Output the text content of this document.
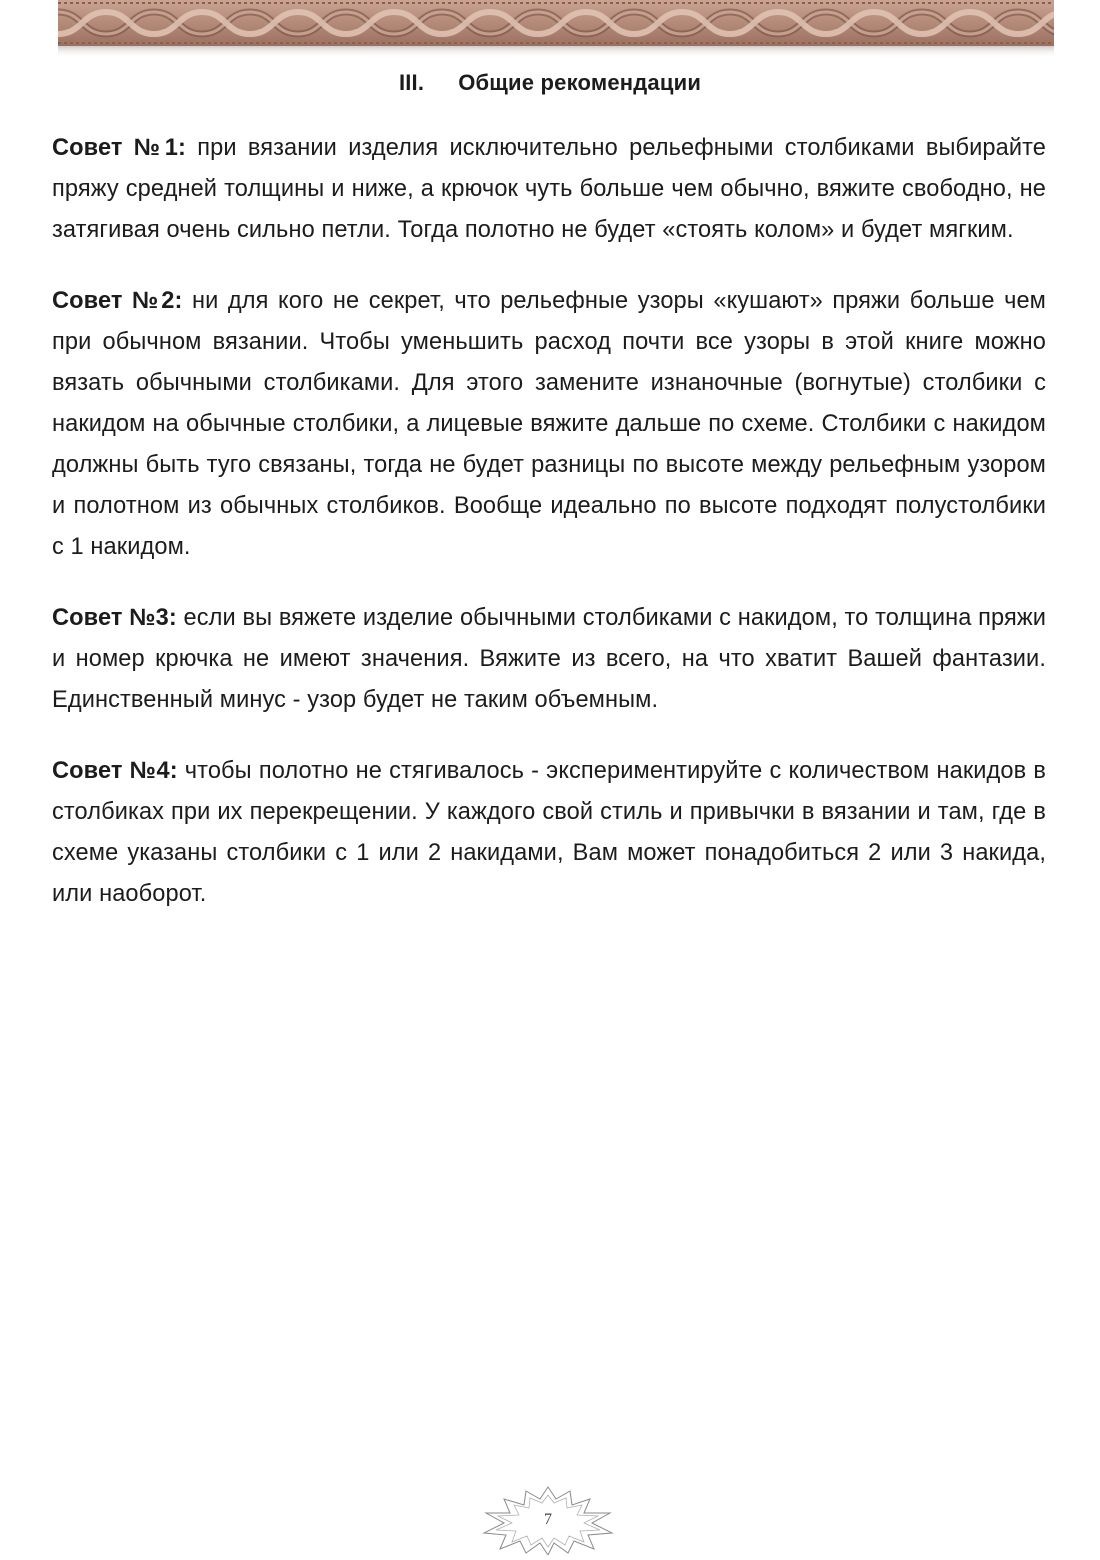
III. Общие рекомендации

Совет №1: при вязании изделия исключительно рельефными столбиками выбирайте пряжу средней толщины и ниже, а крючок чуть больше чем обычно, вяжите свободно, не затягивая очень сильно петли. Тогда полотно не будет «стоять колом» и будет мягким.

Совет №2: ни для кого не секрет, что рельефные узоры «кушают» пряжи больше чем при обычном вязании. Чтобы уменьшить расход почти все узоры в этой книге можно вязать обычными столбиками. Для этого замените изнаночные (вогнутые) столбики с накидом на обычные столбики, а лицевые вяжите дальше по схеме. Столбики с накидом должны быть туго связаны, тогда не будет разницы по высоте между рельефным узором и полотном из обычных столбиков. Вообще идеально по высоте подходят полустолбики с 1 накидом.

Совет №3: если вы вяжете изделие обычными столбиками с накидом, то толщина пряжи и номер крючка не имеют значения. Вяжите из всего, на что хватит Вашей фантазии. Единственный минус - узор будет не таким объемным.

Совет №4: чтобы полотно не стягивалось - экспериментируйте с количеством накидов в столбиках при их перекрещении. У каждого свой стиль и привычки в вязании и там, где в схеме указаны столбики с 1 или 2 накидами, Вам может понадобиться 2 или 3 накида, или наоборот.

7
